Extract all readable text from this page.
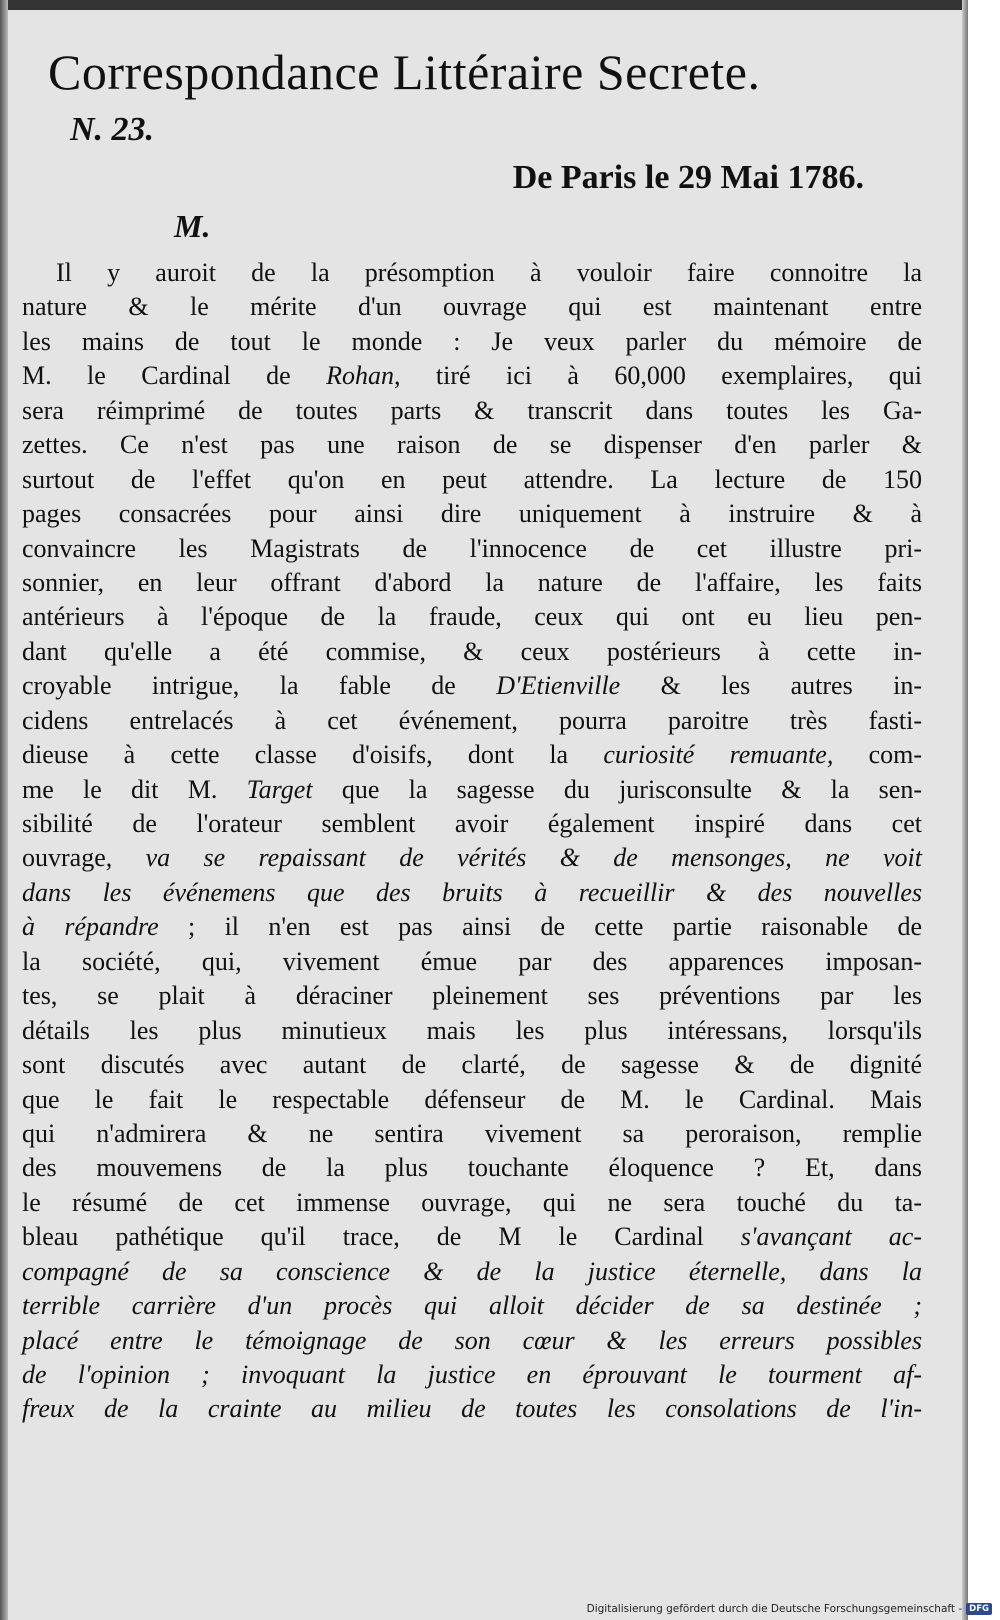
Correspondance Littéraire Secrete.
N. 23.
De Paris le 29 Mai 1786.
M.
Il y auroit de la présomption à vouloir faire connoitre la
nature & le mérite d'un ouvrage qui est maintenant entre
les mains de tout le monde : Je veux parler du mémoire de
M. le Cardinal de Rohan, tiré ici à 60,000 exemplaires, qui
sera réimprimé de toutes parts & transcrit dans toutes les Ga-
zettes. Ce n'est pas une raison de se dispenser d'en parler &
surtout de l'effet qu'on en peut attendre. La lecture de 150
pages consacrées pour ainsi dire uniquement à instruire & à
convaincre les Magistrats de l'innocence de cet illustre pri-
sonnier, en leur offrant d'abord la nature de l'affaire, les faits
antérieurs à l'époque de la fraude, ceux qui ont eu lieu pen-
dant qu'elle a été commise, & ceux postérieurs à cette in-
croyable intrigue, la fable de D'Etienville & les autres in-
cidens entrelacés à cet événement, pourra paroitre très fasti-
dieuse à cette classe d'oisifs, dont la curiosité remuante, com-
me le dit M. Target que la sagesse du jurisconsulte & la sen-
sibilité de l'orateur semblent avoir également inspiré dans cet
ouvrage, va se repaissant de vérités & de mensonges, ne voit
dans les événemens que des bruits à recueillir & des nouvelles
à répandre ; il n'en est pas ainsi de cette partie raisonable de
la société, qui, vivement émue par des apparences imposan-
tes, se plait à déraciner pleinement ses préventions par les
détails les plus minutieux mais les plus intéressans, lorsqu'ils
sont discutés avec autant de clarté, de sagesse & de dignité
que le fait le respectable défenseur de M. le Cardinal. Mais
qui n'admirera & ne sentira vivement sa peroraison, remplie
des mouvemens de la plus touchante éloquence ? Et, dans
le résumé de cet immense ouvrage, qui ne sera touché du ta-
bleau pathétique qu'il trace, de M le Cardinal s'avançant ac-
compagné de sa conscience & de la justice éternelle, dans la
terrible carrière d'un procès qui alloit décider de sa destinée ;
placé entre le témoignage de son cœur & les erreurs possibles
de l'opinion ; invoquant la justice en éprouvant le tourment af-
freux de la crainte au milieu de toutes les consolations de l'in-
Digitalisierung gefördert durch die Deutsche Forschungsgemeinschaft - DFG
